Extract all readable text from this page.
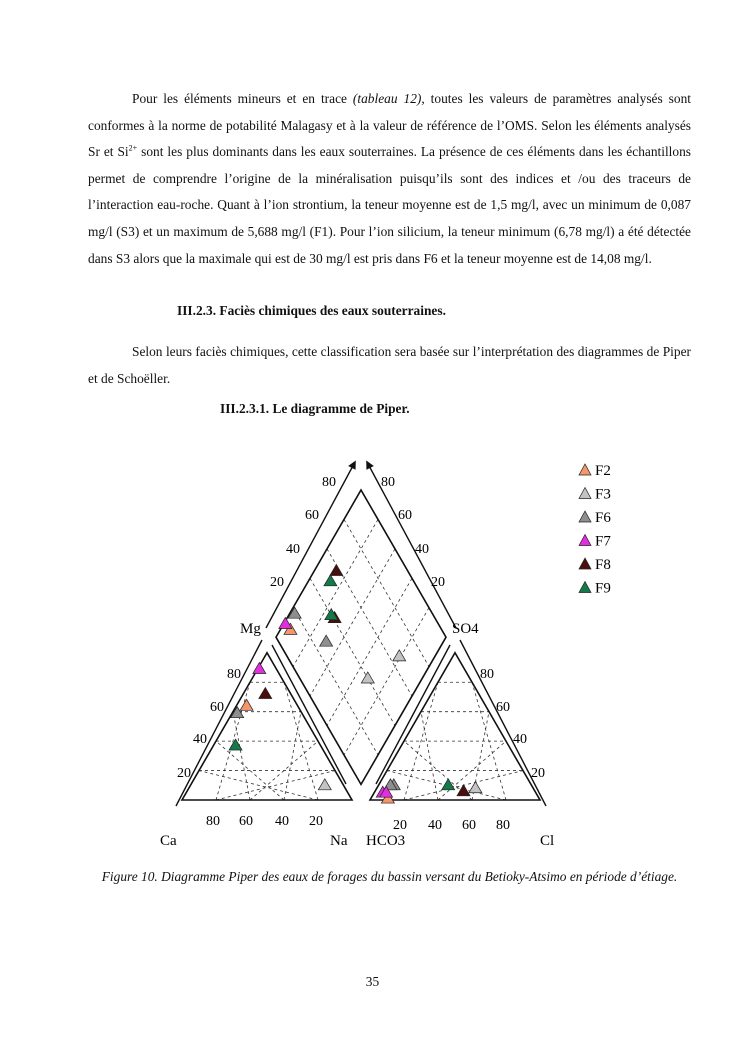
Pour les éléments mineurs et en trace (tableau 12), toutes les valeurs de paramètres analysés sont conformes à la norme de potabilité Malagasy et à la valeur de référence de l’OMS. Selon les éléments analysés Sr et $Si^{2+}$ sont les plus dominants dans les eaux souterraines. La présence de ces éléments dans les échantillons permet de comprendre l’origine de la minéralisation puisqu’ils sont des indices et /ou des traceurs de l’interaction eau-roche. Quant à l’ion strontium, la teneur moyenne est de 1,5 mg/l, avec un minimum de 0,087 mg/l (S3) et un maximum de 5,688 mg/l (F1). Pour l’ion silicium, la teneur minimum (6,78 mg/l) a été détectée dans S3 alors que la maximale qui est de 30 mg/l est pris dans F6 et la teneur moyenne est de 14,08 mg/l.

III.2.3. Faciès chimiques des eaux souterraines.

Selon leurs faciès chimiques, cette classification sera basée sur l’interprétation des diagrammes de Piper et de Schoëller.

III.2.3.1. Le diagramme de Piper.

80 60 40 20	20 40 60 80
20
40
60
80
20
40
60
80
20
40
60
80
20
40
60
80
Ca	Na HCO3	Cl
Mg	SO4
F2
F3
F6
F7
F8
F9

Figure 10. Diagramme Piper des eaux de forages du bassin versant du Betioky-Atsimo en période d’étiage.

35
